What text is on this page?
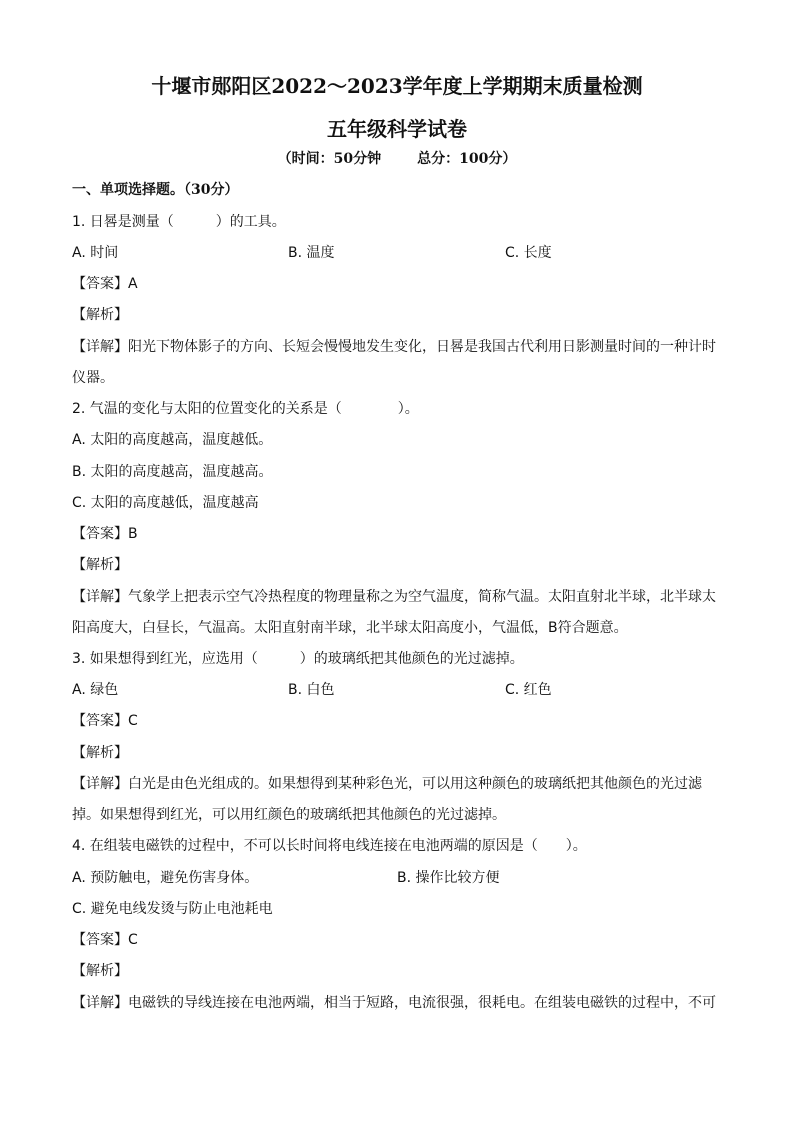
十堰市郧阳区2022～2023学年度上学期期末质量检测
五年级科学试卷
（时间：50分钟	总分：100分）
一、单项选择题。（30分）
1. 日晷是测量（　　　）的工具。
A. 时间	B. 温度	C. 长度
【答案】A
【解析】
【详解】阳光下物体影子的方向、长短会慢慢地发生变化，日晷是我国古代利用日影测量时间的一种计时
仪器。
2. 气温的变化与太阳的位置变化的关系是（　　　　）。
A. 太阳的高度越高，温度越低。
B. 太阳的高度越高，温度越高。
C. 太阳的高度越低，温度越高
【答案】B
【解析】
【详解】气象学上把表示空气冷热程度的物理量称之为空气温度，简称气温。太阳直射北半球，北半球太
阳高度大，白昼长，气温高。太阳直射南半球，北半球太阳高度小，气温低，B符合题意。
3. 如果想得到红光，应选用（　　　）的玻璃纸把其他颜色的光过滤掉。
A. 绿色	B. 白色	C. 红色
【答案】C
【解析】
【详解】白光是由色光组成的。如果想得到某种彩色光，可以用这种颜色的玻璃纸把其他颜色的光过滤
掉。如果想得到红光，可以用红颜色的玻璃纸把其他颜色的光过滤掉。
4. 在组装电磁铁的过程中，不可以长时间将电线连接在电池两端的原因是（　　）。
A. 预防触电，避免伤害身体。	B. 操作比较方便
C. 避免电线发烫与防止电池耗电
【答案】C
【解析】
【详解】电磁铁的导线连接在电池两端，相当于短路，电流很强，很耗电。在组装电磁铁的过程中，不可
